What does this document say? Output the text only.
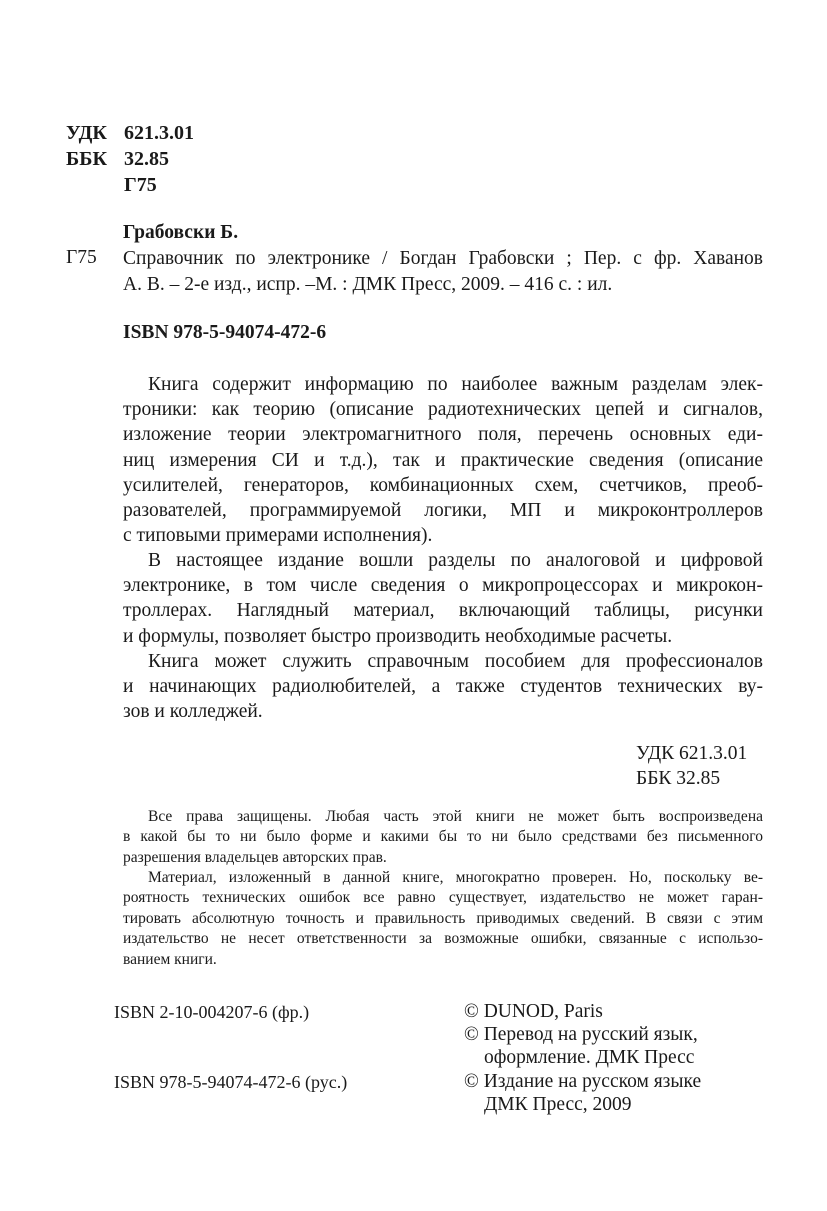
УДК 621.3.01
ББК 32.85
Г75
Грабовски Б.
Г75 Справочник по электронике / Богдан Грабовски ; Пер. с фр. Хаванов
А. В. – 2-е изд., испр. –М. : ДМК Пресс, 2009. – 416 с. : ил.
ISBN 978-5-94074-472-6
Книга содержит информацию по наиболее важным разделам элек-
троники: как теорию (описание радиотехнических цепей и сигналов,
изложение теории электромагнитного поля, перечень основных еди-
ниц измерения СИ и т.д.), так и практические сведения (описание
усилителей, генераторов, комбинационных схем, счетчиков, преоб-
разователей, программируемой логики, МП и микроконтроллеров
с типовыми примерами исполнения).
В настоящее издание вошли разделы по аналоговой и цифровой
электронике, в том числе сведения о микропроцессорах и микрокон-
троллерах. Наглядный материал, включающий таблицы, рисунки
и формулы, позволяет быстро производить необходимые расчеты.
Книга может служить справочным пособием для профессионалов
и начинающих радиолюбителей, а также студентов технических ву-
зов и колледжей.
УДК 621.3.01
ББК 32.85
Все права защищены. Любая часть этой книги не может быть воспроизведена
в какой бы то ни было форме и какими бы то ни было средствами без письменного
разрешения владельцев авторских прав.
Материал, изложенный в данной книге, многократно проверен. Но, поскольку ве-
роятность технических ошибок все равно существует, издательство не может гаран-
тировать абсолютную точность и правильность приводимых сведений. В связи с этим
издательство не несет ответственности за возможные ошибки, связанные с использо-
ванием книги.
ISBN 2-10-004207-6 (фр.)
ISBN 978-5-94074-472-6 (рус.)
© DUNOD, Paris
© Перевод на русский язык,
оформление. ДМК Пресс
© Издание на русском языке
ДМК Пресс, 2009
